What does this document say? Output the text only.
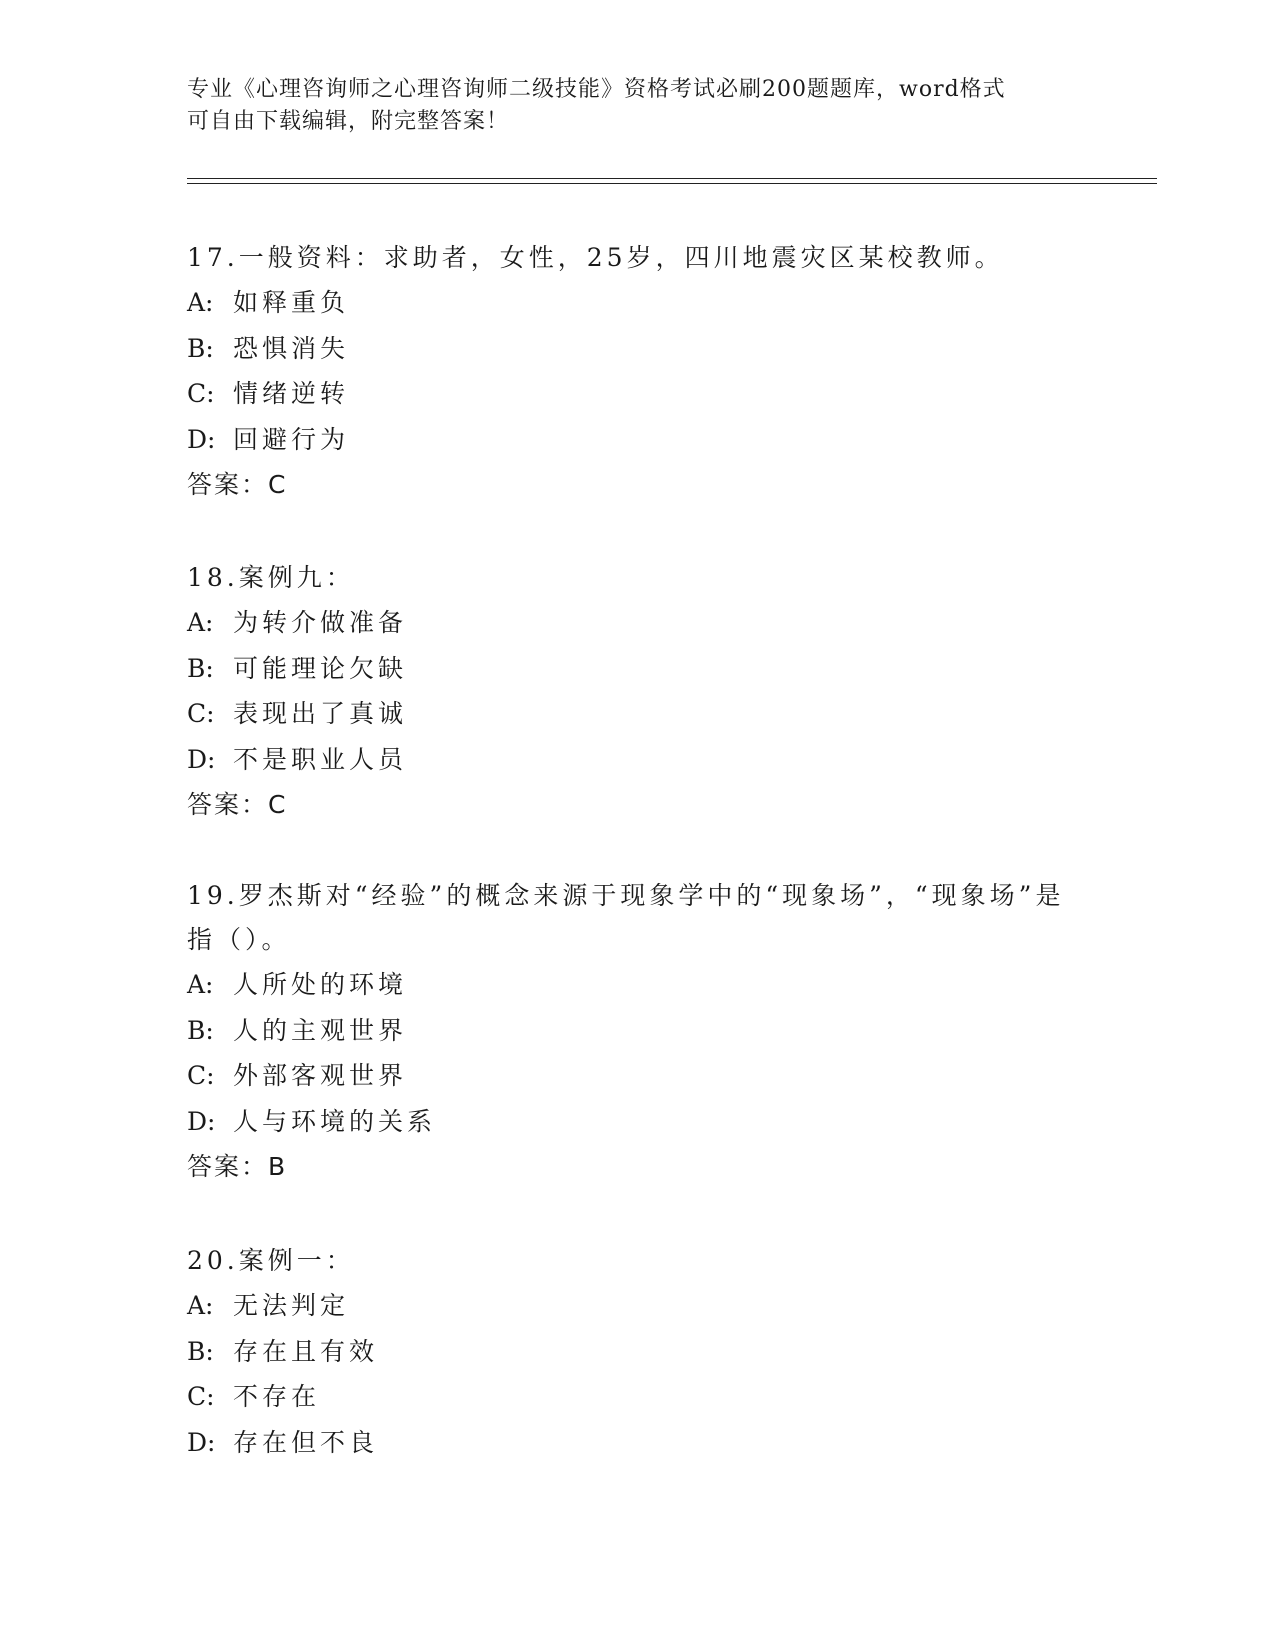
专业《心理咨询师之心理咨询师二级技能》资格考试必刷200题题库，word格式
可自由下载编辑，附完整答案！

17.一般资料：求助者，女性，25岁，四川地震灾区某校教师。

A: 如释重负

B: 恐惧消失

C: 情绪逆转

D: 回避行为

答案：C

18.案例九：

A: 为转介做准备

B: 可能理论欠缺

C: 表现出了真诚

D: 不是职业人员

答案：C

19.罗杰斯对“经验”的概念来源于现象学中的“现象场”，“现象场”是指（）。

A: 人所处的环境

B: 人的主观世界

C: 外部客观世界

D: 人与环境的关系

答案：B

20.案例一：

A: 无法判定

B: 存在且有效

C: 不存在

D: 存在但不良
